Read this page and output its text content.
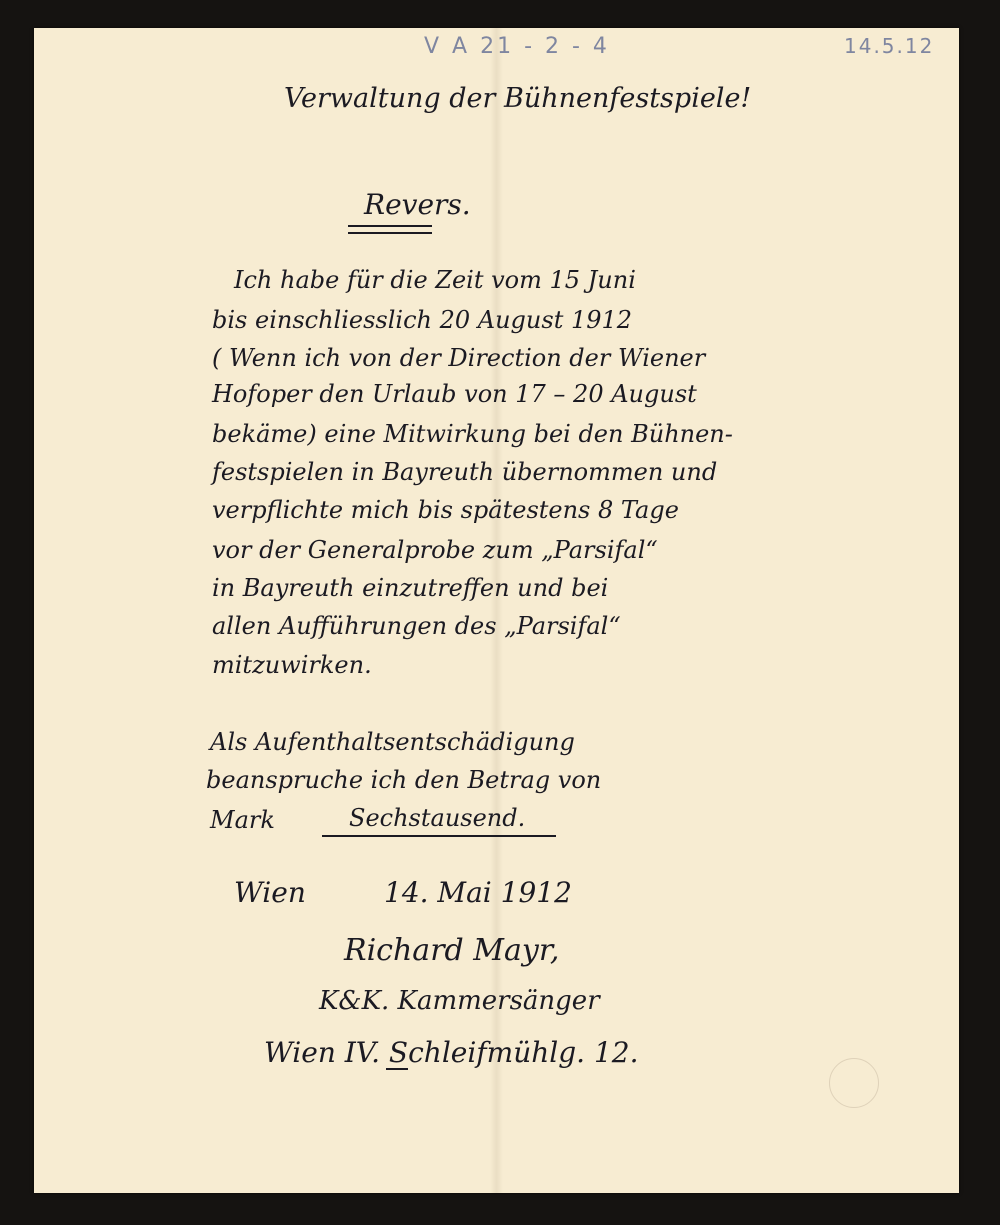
V A 21 - 2 - 4	14.5.12
Verwaltung der Bühnenfestspiele!
Revers.
Ich habe für die Zeit vom 15 Juni
bis einschliesslich 20 August 1912
( Wenn ich von der Direction der Wiener
Hofoper den Urlaub von 17 – 20 August
bekäme) eine Mitwirkung bei den Bühnen-
festspielen in Bayreuth übernommen und
verpflichte mich bis spätestens 8 Tage
vor der Generalprobe zum „Parsifal“
in Bayreuth einzutreffen und bei
allen Aufführungen des „Parsifal“
mitzuwirken.
Als Aufenthaltsentschädigung
beanspruche ich den Betrag von
Mark	Sechstausend.
Wien	14. Mai 1912
Richard Mayr,
K&K. Kammersänger
Wien IV. Schleifmühlg. 12.
